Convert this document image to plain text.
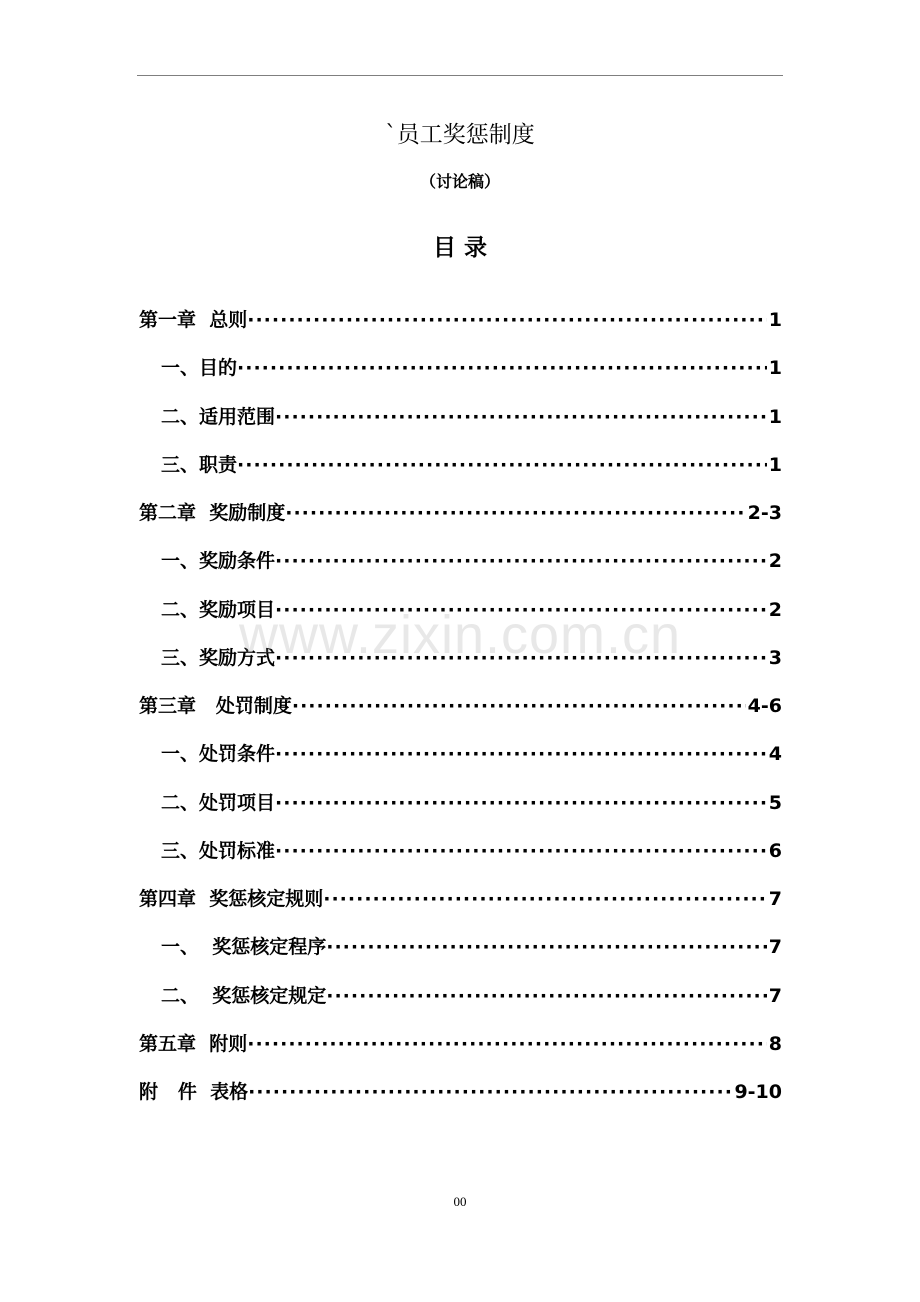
`员工奖惩制度
（讨论稿）
目 录
第一章  总则 ·····	1
一、目的 ·····	1
二、适用范围 ·····	1
三、职责 ·····	1
第二章  奖励制度 ·····	2-3
一、奖励条件 ·····	2
二、奖励项目 ·····	2
三、奖励方式 ·····	3
第三章   处罚制度 ·····	4-6
一、处罚条件 ·····	4
二、处罚项目 ·····	5
三、处罚标准 ·····	6
第四章  奖惩核定规则 ·····	7
一、  奖惩核定程序 ·····	7
二、  奖惩核定规定 ·····	7
第五章  附则 ·····	8
附   件  表格 ·····	9-10
www.zixin.com.cn
00
